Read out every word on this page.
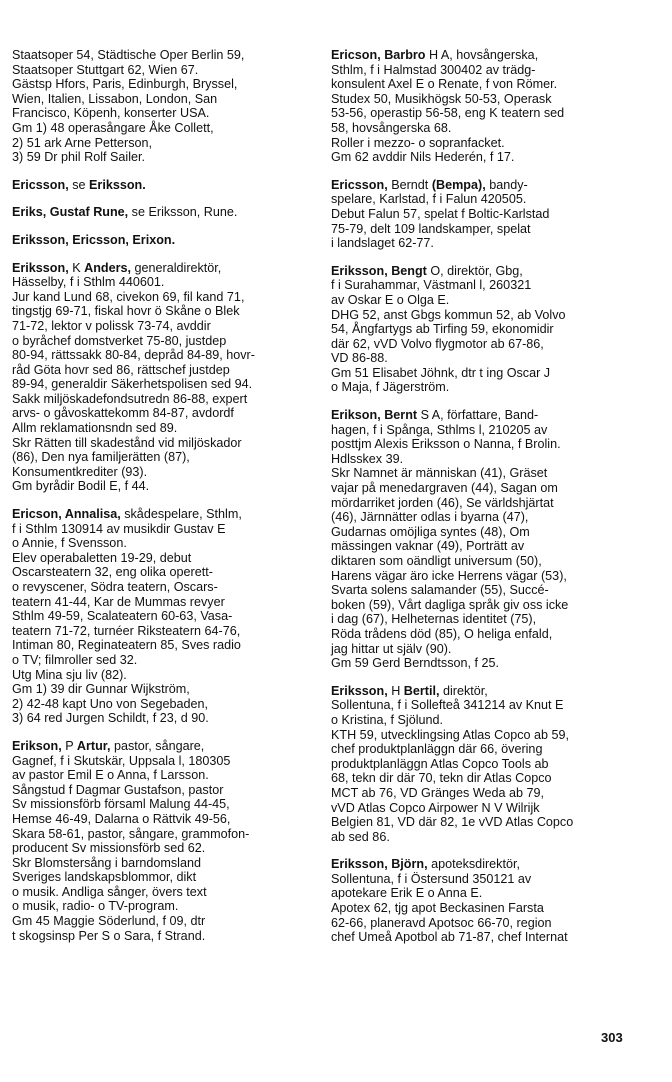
Staatsoper 54, Städtische Oper Berlin 59,
Staatsoper Stuttgart 62, Wien 67.
Gästsp Hfors, Paris, Edinburgh, Bryssel,
Wien, Italien, Lissabon, London, San
Francisco, Köpenh, konserter USA.
Gm 1) 48 operasångare Åke Collett,
2) 51 ark Arne Petterson,
3) 59 Dr phil Rolf Sailer.
Ericsson, se Eriksson.
Eriks, Gustaf Rune, se Eriksson, Rune.
Eriksson, Ericsson, Erixon.
Eriksson, K Anders, generaldirektör,
Hässelby, f i Sthlm 440601.
Jur kand Lund 68, civekon 69, fil kand 71,
tingstjg 69-71, fiskal hovr ö Skåne o Blek
71-72, lektor v polissk 73-74, avddir
o byråchef domstverket 75-80, justdep
80-94, rättssakk 80-84, depråd 84-89, hovr-
råd Göta hovr sed 86, rättschef justdep
89-94, generaldir Säkerhetspolisen sed 94.
Sakk miljöskadefondsutredn 86-88, expert
arvs- o gåvoskattekomm 84-87, avdordf
Allm reklamationsndn sed 89.
Skr Rätten till skadestånd vid miljöskador
(86), Den nya familjerätten (87),
Konsumentkrediter (93).
Gm byrådir Bodil E, f 44.
Ericson, Annalisa, skådespelare, Sthlm,
f i Sthlm 130914 av musikdir Gustav E
o Annie, f Svensson.
Elev operabaletten 19-29, debut
Oscarsteatern 32, eng olika operett-
o revyscener, Södra teatern, Oscars-
teatern 41-44, Kar de Mummas revyer
Sthlm 49-59, Scalateatern 60-63, Vasa-
teatern 71-72, turnéer Riksteatern 64-76,
Intiman 80, Reginateatern 85, Sves radio
o TV; filmroller sed 32.
Utg Mina sju liv (82).
Gm 1) 39 dir Gunnar Wijkström,
2) 42-48 kapt Uno von Segebaden,
3) 64 red Jurgen Schildt, f 23, d 90.
Erikson, P Artur, pastor, sångare,
Gagnef, f i Skutskär, Uppsala l, 180305
av pastor Emil E o Anna, f Larsson.
Sångstud f Dagmar Gustafson, pastor
Sv missionsförb församl Malung 44-45,
Hemse 46-49, Dalarna o Rättvik 49-56,
Skara 58-61, pastor, sångare, grammofon-
producent Sv missionsförb sed 62.
Skr Blomstersång i barndomsland
Sveriges landskapsblommor, dikt
o musik. Andliga sånger, övers text
o musik, radio- o TV-program.
Gm 45 Maggie Söderlund, f 09, dtr
t skogsinsp Per S o Sara, f Strand.
Ericson, Barbro H A, hovsångerska,
Sthlm, f i Halmstad 300402 av trädg-
konsulent Axel E o Renate, f von Römer.
Studex 50, Musikhögsk 50-53, Operask
53-56, operastip 56-58, eng K teatern sed
58, hovsångerska 68.
Roller i mezzo- o sopranfacket.
Gm 62 avddir Nils Hederén, f 17.
Ericsson, Berndt (Bempa), bandy-
spelare, Karlstad, f i Falun 420505.
Debut Falun 57, spelat f Boltic-Karlstad
75-79, delt 109 landskamper, spelat
i landslaget 62-77.
Eriksson, Bengt O, direktör, Gbg,
f i Surahammar, Västmanl l, 260321
av Oskar E o Olga E.
DHG 52, anst Gbgs kommun 52, ab Volvo
54, Ångfartygs ab Tirfing 59, ekonomidir
där 62, vVD Volvo flygmotor ab 67-86,
VD 86-88.
Gm 51 Elisabet Jöhnk, dtr t ing Oscar J
o Maja, f Jägerström.
Erikson, Bernt S A, författare, Band-
hagen, f i Spånga, Sthlms l, 210205 av
posttjm Alexis Eriksson o Nanna, f Brolin.
Hdlsskex 39.
Skr Namnet är människan (41), Gräset
vajar på menedargraven (44), Sagan om
mördarriket jorden (46), Se världshjärtat
(46), Järnnätter odlas i byarna (47),
Gudarnas omöjliga syntes (48), Om
mässingen vaknar (49), Porträtt av
diktaren som oändligt universum (50),
Harens vägar äro icke Herrens vägar (53),
Svarta solens salamander (55), Succé-
boken (59), Vårt dagliga språk giv oss icke
i dag (67), Helheternas identitet (75),
Röda trådens död (85), O heliga enfald,
jag hittar ut själv (90).
Gm 59 Gerd Berndtsson, f 25.
Eriksson, H Bertil, direktör,
Sollentuna, f i Sollefteå 341214 av Knut E
o Kristina, f Sjölund.
KTH 59, utvecklingsing Atlas Copco ab 59,
chef produktplanläggn där 66, övering
produktplanläggn Atlas Copco Tools ab
68, tekn dir där 70, tekn dir Atlas Copco
MCT ab 76, VD Gränges Weda ab 79,
vVD Atlas Copco Airpower N V Wilrijk
Belgien 81, VD där 82, 1e vVD Atlas Copco
ab sed 86.
Eriksson, Björn, apoteksdirektör,
Sollentuna, f i Östersund 350121 av
apotekare Erik E o Anna E.
Apotex 62, tjg apot Beckasinen Farsta
62-66, planeravd Apotsoc 66-70, region
chef Umeå Apotbol ab 71-87, chef Internat
303
